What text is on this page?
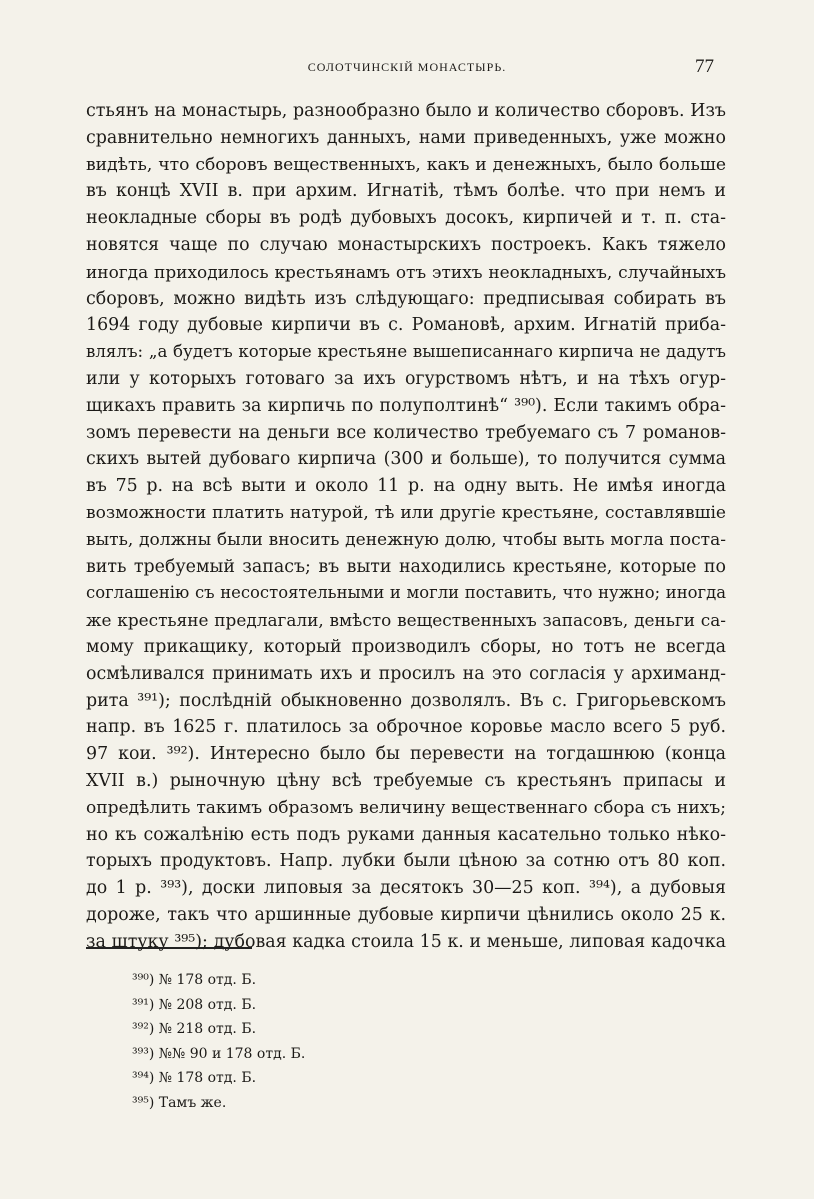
СОЛОТЧИНСКІЙ МОНАСТЫРЬ.	77
стьянъ на монастырь, разнообразно было и количество сборовъ. Изъ
сравнительно немногихъ данныхъ, нами приведенныхъ, уже можно
видѣть, что сборовъ вещественныхъ, какъ и денежныхъ, было больше
въ концѣ XVII в. при архим. Игнатіѣ, тѣмъ болѣе. что при немъ и
неокладные сборы въ родѣ дубовыхъ досокъ, кирпичей и т. п. ста-
новятся чаще по случаю монастырскихъ построекъ. Какъ тяжело
иногда приходилось крестьянамъ отъ этихъ неокладныхъ, случайныхъ
сборовъ, можно видѣть изъ слѣдующаго: предписывая собирать въ
1694 году дубовые кирпичи въ с. Романовѣ, архим. Игнатій приба-
влялъ: „а будетъ которые крестьяне вышеписаннаго кирпича не дадутъ
или у которыхъ готоваго за ихъ огурствомъ нѣтъ, и на тѣхъ огур-
щикахъ править за кирпичь по полуполтинѣ“ ³⁹⁰). Если такимъ обра-
зомъ перевести на деньги все количество требуемаго съ 7 романов-
скихъ вытей дубоваго кирпича (300 и больше), то получится сумма
въ 75 р. на всѣ выти и около 11 р. на одну выть. Не имѣя иногда
возможности платить натурой, тѣ или другіе крестьяне, составлявшіе
выть, должны были вносить денежную долю, чтобы выть могла поста-
вить требуемый запасъ; въ выти находились крестьяне, которые по
соглашенію съ несостоятельными и могли поставить, что нужно; иногда
же крестьяне предлагали, вмѣсто вещественныхъ запасовъ, деньги са-
мому прикащику, который производилъ сборы, но тотъ не всегда
осмѣливался принимать ихъ и просилъ на это согласія у архиманд-
рита ³⁹¹); послѣдній обыкновенно дозволялъ. Въ с. Григорьевскомъ
напр. въ 1625 г. платилось за оброчное коровье масло всего 5 руб.
97 кои. ³⁹²). Интересно было бы перевести на тогдашнюю (конца
XVII в.) рыночную цѣну всѣ требуемые съ крестьянъ припасы и
опредѣлить такимъ образомъ величину вещественнаго сбора съ нихъ;
но къ сожалѣнію есть подъ руками данныя касательно только нѣко-
торыхъ продуктовъ. Напр. лубки были цѣною за сотню отъ 80 коп.
до 1 р. ³⁹³), доски липовыя за десятокъ 30—25 коп. ³⁹⁴), а дубовыя
дороже, такъ что аршинные дубовые кирпичи цѣнились около 25 к.
за штуку ³⁹⁵); дубовая кадка стоила 15 к. и меньше, липовая кадочка
³⁹⁰) № 178 отд. Б.
³⁹¹) № 208 отд. Б.
³⁹²) № 218 отд. Б.
³⁹³) №№ 90 и 178 отд. Б.
³⁹⁴) № 178 отд. Б.
³⁹⁵) Тамъ же.
